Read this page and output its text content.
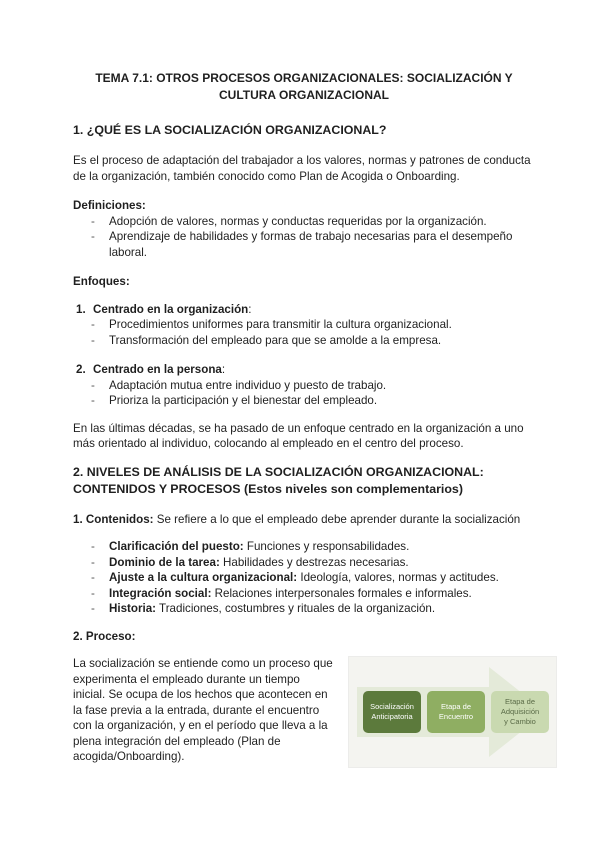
TEMA 7.1: OTROS PROCESOS ORGANIZACIONALES: SOCIALIZACIÓN Y
CULTURA ORGANIZACIONAL
1. ¿QUÉ ES LA SOCIALIZACIÓN ORGANIZACIONAL?

Es el proceso de adaptación del trabajador a los valores, normas y patrones de conducta de la organización, también conocido como Plan de Acogida o Onboarding.

Definiciones:

- Adopción de valores, normas y conductas requeridas por la organización.
- Aprendizaje de habilidades y formas de trabajo necesarias para el desempeño laboral.

Enfoques:

1. Centrado en la organización:
- Procedimientos uniformes para transmitir la cultura organizacional.
- Transformación del empleado para que se amolde a la empresa.
2. Centrado en la persona:
- Adaptación mutua entre individuo y puesto de trabajo.
- Prioriza la participación y el bienestar del empleado.

En las últimas décadas, se ha pasado de un enfoque centrado en la organización a uno más orientado al individuo, colocando al empleado en el centro del proceso.

2. NIVELES DE ANÁLISIS DE LA SOCIALIZACIÓN ORGANIZACIONAL:
CONTENIDOS Y PROCESOS (Estos niveles son complementarios)

1. Contenidos: Se refiere a lo que el empleado debe aprender durante la socialización

- Clarificación del puesto: Funciones y responsabilidades.
- Dominio de la tarea: Habilidades y destrezas necesarias.
- Ajuste a la cultura organizacional: Ideología, valores, normas y actitudes.
- Integración social: Relaciones interpersonales formales e informales.
- Historia: Tradiciones, costumbres y rituales de la organización.

2. Proceso:

La socialización se entiende como un proceso que experimenta el empleado durante un tiempo inicial. Se ocupa de los hechos que acontecen en la fase previa a la entrada, durante el encuentro con la organización, y en el período que lleva a la plena integración del empleado (Plan de acogida/Onboarding).

Socialización
Anticipatoria
Etapa de
Encuentro
Etapa de
Adquisición
y Cambio
